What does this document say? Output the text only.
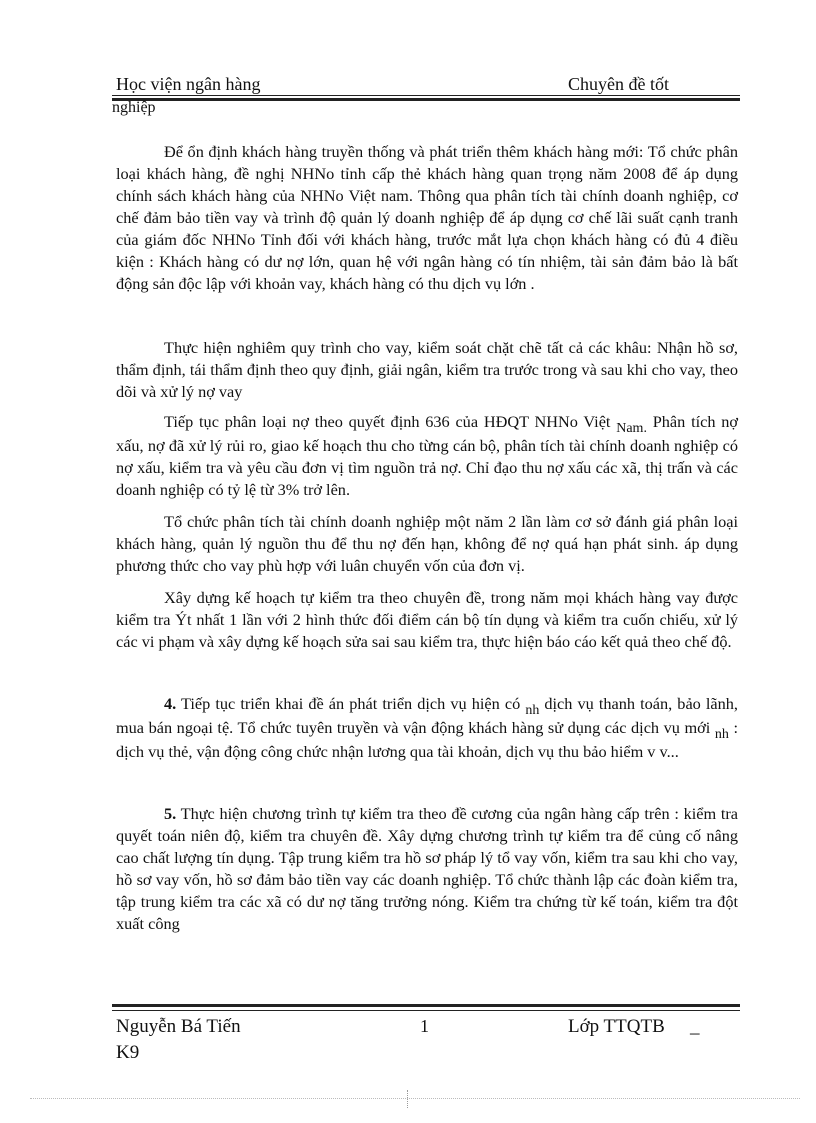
Học viện ngân hàng	Chuyên đề tốt
nghiệp

Để ổn định khách hàng truyền thống và phát triển thêm khách hàng mới: Tổ chức phân loại khách hàng, đề nghị NHNo tỉnh cấp thẻ khách hàng quan trọng năm 2008 để áp dụng chính sách khách hàng của NHNo Việt nam. Thông qua phân tích tài chính doanh nghiệp, cơ chế đảm bảo tiền vay và trình độ quản lý doanh nghiệp để áp dụng cơ chế lãi suất cạnh tranh của giám đốc NHNo Tỉnh đối với khách hàng, trước mắt lựa chọn khách hàng có đủ 4 điều kiện : Khách hàng có dư nợ lớn, quan hệ với ngân hàng có tín nhiệm, tài sản đảm bảo là bất động sản độc lập với khoản vay, khách hàng có thu dịch vụ lớn .

Thực hiện nghiêm quy trình cho vay, kiểm soát chặt chẽ tất cả các khâu: Nhận hồ sơ, thẩm định, tái thẩm định theo quy định, giải ngân, kiểm tra trước trong và sau khi cho vay, theo dõi và xử lý nợ vay

Tiếp tục phân loại nợ theo quyết định 636 của HĐQT NHNo Việt Nam. Phân tích nợ xấu, nợ đã xử lý rủi ro, giao kế hoạch thu cho từng cán bộ, phân tích tài chính doanh nghiệp có nợ xấu, kiểm tra và yêu cầu đơn vị tìm nguồn trả nợ. Chỉ đạo thu nợ xấu các xã, thị trấn và các doanh nghiệp có tỷ lệ từ 3% trở lên.

Tổ chức phân tích tài chính doanh nghiệp một năm 2 lần làm cơ sở đánh giá phân loại khách hàng, quản lý nguồn thu để thu nợ đến hạn, không để nợ quá hạn phát sinh. áp dụng phương thức cho vay phù hợp với luân chuyển vốn của đơn vị.

Xây dựng kế hoạch tự kiểm tra theo chuyên đề, trong năm mọi khách hàng vay được kiểm tra Ýt nhất 1 lần với 2 hình thức đối điểm cán bộ tín dụng và kiểm tra cuốn chiếu, xử lý các vi phạm và xây dựng kế hoạch sửa sai sau kiểm tra, thực hiện báo cáo kết quả theo chế độ.

4. Tiếp tục triển khai đề án phát triển dịch vụ hiện có nh dịch vụ thanh toán, bảo lãnh, mua bán ngoại tệ. Tổ chức tuyên truyền và vận động khách hàng sử dụng các dịch vụ mới nh : dịch vụ thẻ, vận động công chức nhận lương qua tài khoản, dịch vụ thu bảo hiểm v v...

5. Thực hiện chương trình tự kiểm tra theo đề cương của ngân hàng cấp trên : kiểm tra quyết toán niên độ, kiểm tra chuyên đề. Xây dựng chương trình tự kiểm tra để củng cố nâng cao chất lượng tín dụng. Tập trung kiểm tra hồ sơ pháp lý tổ vay vốn, kiểm tra sau khi cho vay, hồ sơ vay vốn, hồ sơ đảm bảo tiền vay các doanh nghiệp. Tổ chức thành lập các đoàn kiểm tra, tập trung kiểm tra các xã có dư nợ tăng trưởng nóng. Kiểm tra chứng từ kế toán, kiểm tra đột xuất công

Nguyễn Bá Tiến
K9
1	Lớp TTQTB _
